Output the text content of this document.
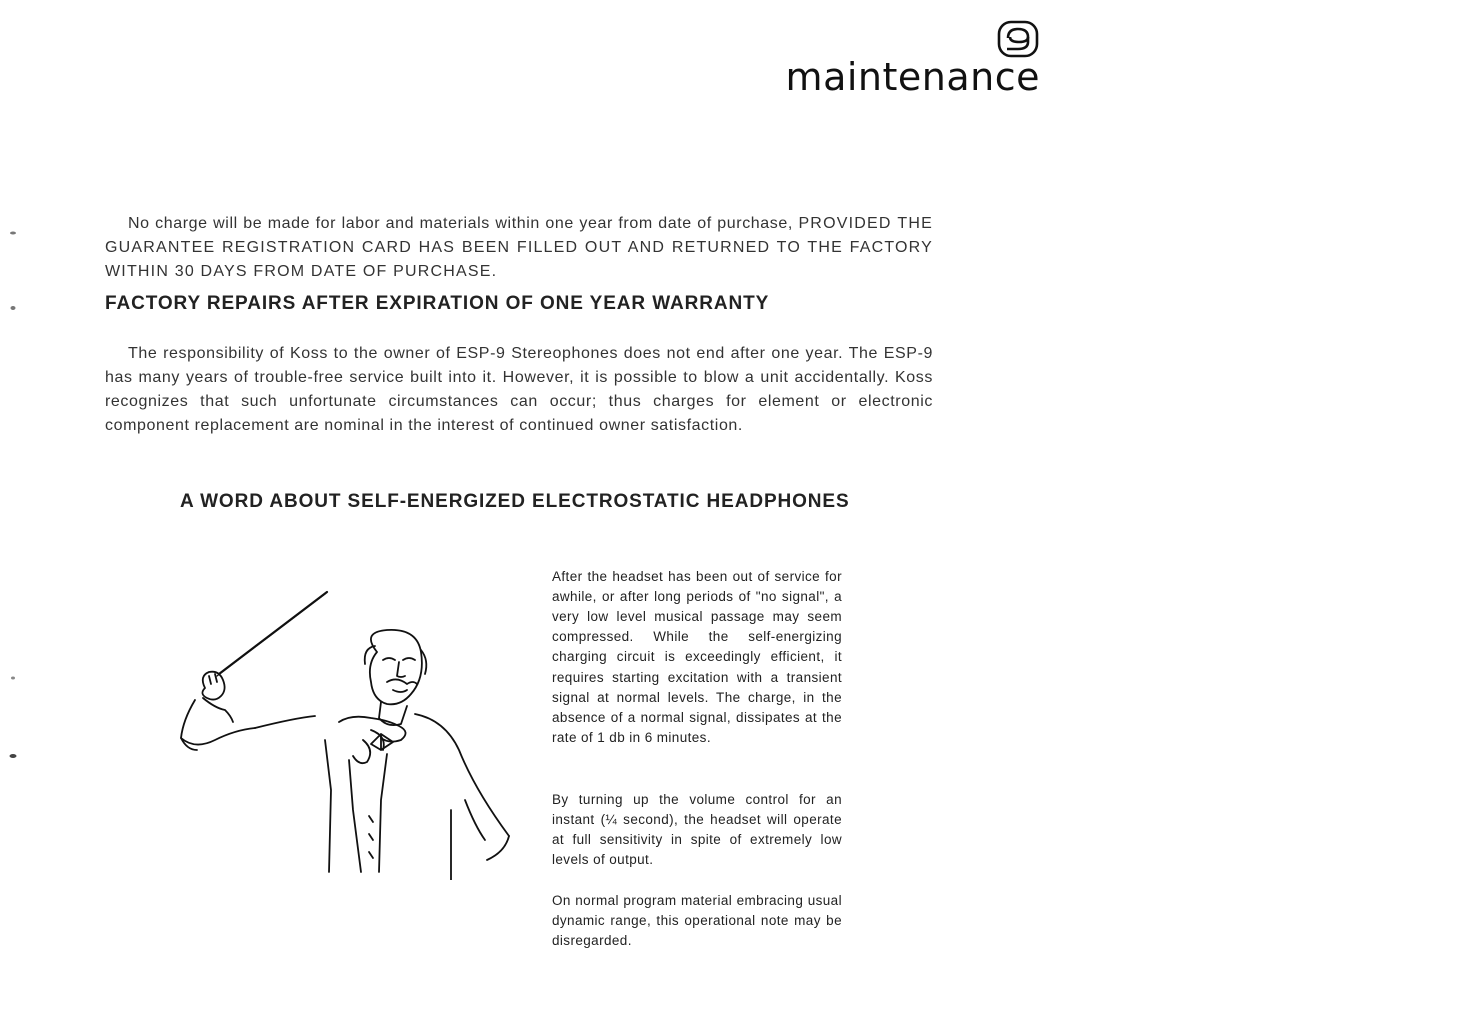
9
maintenance

No charge will be made for labor and materials within one year from date of purchase, PROVIDED THE GUARANTEE REGISTRATION CARD HAS BEEN FILLED OUT AND RETURNED TO THE FACTORY WITHIN 30 DAYS FROM DATE OF PURCHASE.

FACTORY REPAIRS AFTER EXPIRATION OF ONE YEAR WARRANTY

The responsibility of Koss to the owner of ESP-9 Stereophones does not end after one year. The ESP-9 has many years of trouble-free service built into it. However, it is possible to blow a unit accidentally. Koss recognizes that such unfortunate circumstances can occur; thus charges for element or electronic component replacement are nominal in the interest of continued owner satisfaction.

A WORD ABOUT SELF-ENERGIZED ELECTROSTATIC HEADPHONES

After the headset has been out of service for awhile, or after long periods of "no signal", a very low level musical passage may seem compressed. While the self-energizing charging circuit is exceedingly efficient, it requires starting excitation with a transient signal at normal levels. The charge, in the absence of a normal signal, dissipates at the rate of 1 db in 6 minutes.

By turning up the volume control for an instant (¼ second), the headset will operate at full sensitivity in spite of extremely low levels of output.

On normal program material embracing usual dynamic range, this operational note may be disregarded.
